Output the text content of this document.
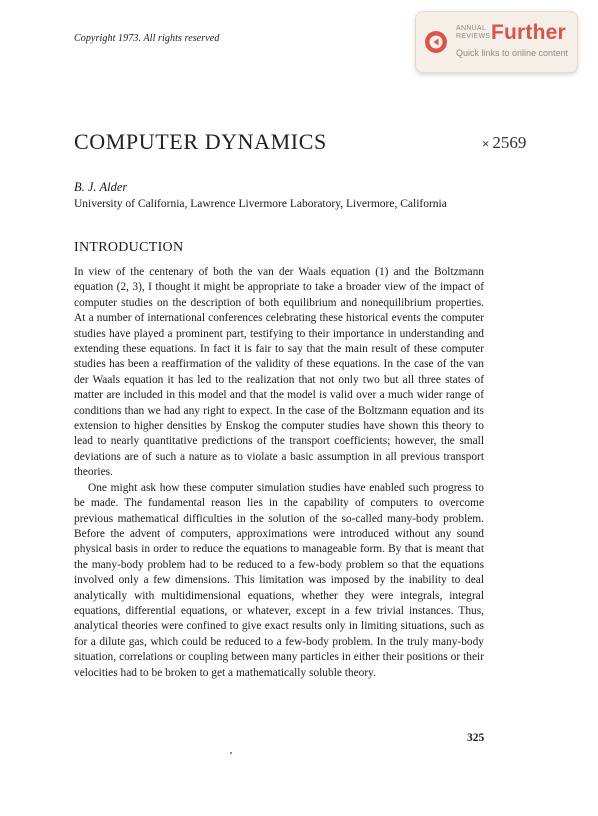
Copyright 1973. All rights reserved
ANNUAL
REVIEWS Further
Quick links to online content
COMPUTER DYNAMICS	× 2569
B. J. Alder
University of California, Lawrence Livermore Laboratory, Livermore, California
INTRODUCTION

In view of the centenary of both the van der Waals equation (1) and the Boltzmann equation (2, 3), I thought it might be appropriate to take a broader view of the impact of computer studies on the description of both equilibrium and nonequilibrium properties. At a number of international conferences celebrating these historical events the computer studies have played a prominent part, testifying to their importance in understanding and extending these equations. In fact it is fair to say that the main result of these computer studies has been a reaffirmation of the validity of these equations. In the case of the van der Waals equation it has led to the realization that not only two but all three states of matter are included in this model and that the model is valid over a much wider range of conditions than we had any right to expect. In the case of the Boltzmann equation and its extension to higher densities by Enskog the computer studies have shown this theory to lead to nearly quantitative predictions of the transport coefficients; however, the small deviations are of such a nature as to violate a basic assumption in all previous transport theories.

One might ask how these computer simulation studies have enabled such progress to be made. The fundamental reason lies in the capability of computers to overcome previous mathematical difficulties in the solution of the so-called many-body problem. Before the advent of computers, approximations were introduced without any sound physical basis in order to reduce the equations to manageable form. By that is meant that the many-body problem had to be reduced to a few-body problem so that the equations involved only a few dimensions. This limitation was imposed by the inability to deal analytically with multidimensional equations, whether they were integrals, integral equations, differential equations, or whatever, except in a few trivial instances. Thus, analytical theories were confined to give exact results only in limiting situations, such as for a dilute gas, which could be reduced to a few-body problem. In the truly many-body situation, correlations or coupling between many particles in either their positions or their velocities had to be broken to get a mathematically soluble theory.

325
